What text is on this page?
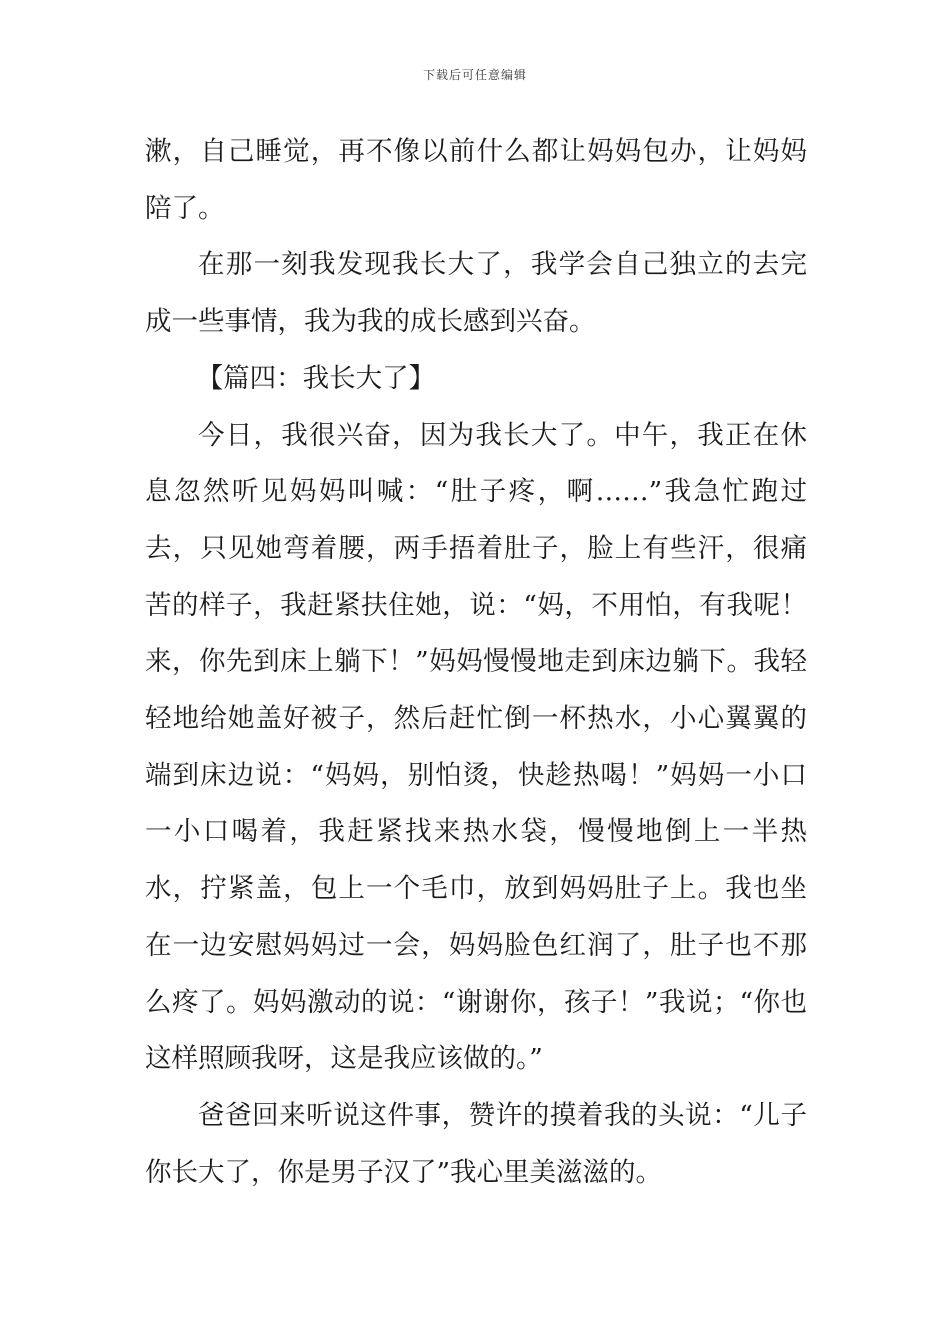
下载后可任意编辑

漱，自己睡觉，再不像以前什么都让妈妈包办，让妈妈陪了。

在那一刻我发现我长大了，我学会自己独立的去完成一些事情，我为我的成长感到兴奋。

【篇四：我长大了】

今日，我很兴奋，因为我长大了。中午，我正在休息忽然听见妈妈叫喊：“肚子疼，啊……”我急忙跑过去，只见她弯着腰，两手捂着肚子，脸上有些汗，很痛苦的样子，我赶紧扶住她，说：“妈，不用怕，有我呢！来，你先到床上躺下！”妈妈慢慢地走到床边躺下。我轻轻地给她盖好被子，然后赶忙倒一杯热水，小心翼翼的端到床边说：“妈妈，别怕烫，快趁热喝！”妈妈一小口一小口喝着，我赶紧找来热水袋，慢慢地倒上一半热水，拧紧盖，包上一个毛巾，放到妈妈肚子上。我也坐在一边安慰妈妈过一会，妈妈脸色红润了，肚子也不那么疼了。妈妈激动的说：“谢谢你，孩子！”我说；“你也这样照顾我呀，这是我应该做的。”

爸爸回来听说这件事，赞许的摸着我的头说：“儿子你长大了，你是男子汉了”我心里美滋滋的。
